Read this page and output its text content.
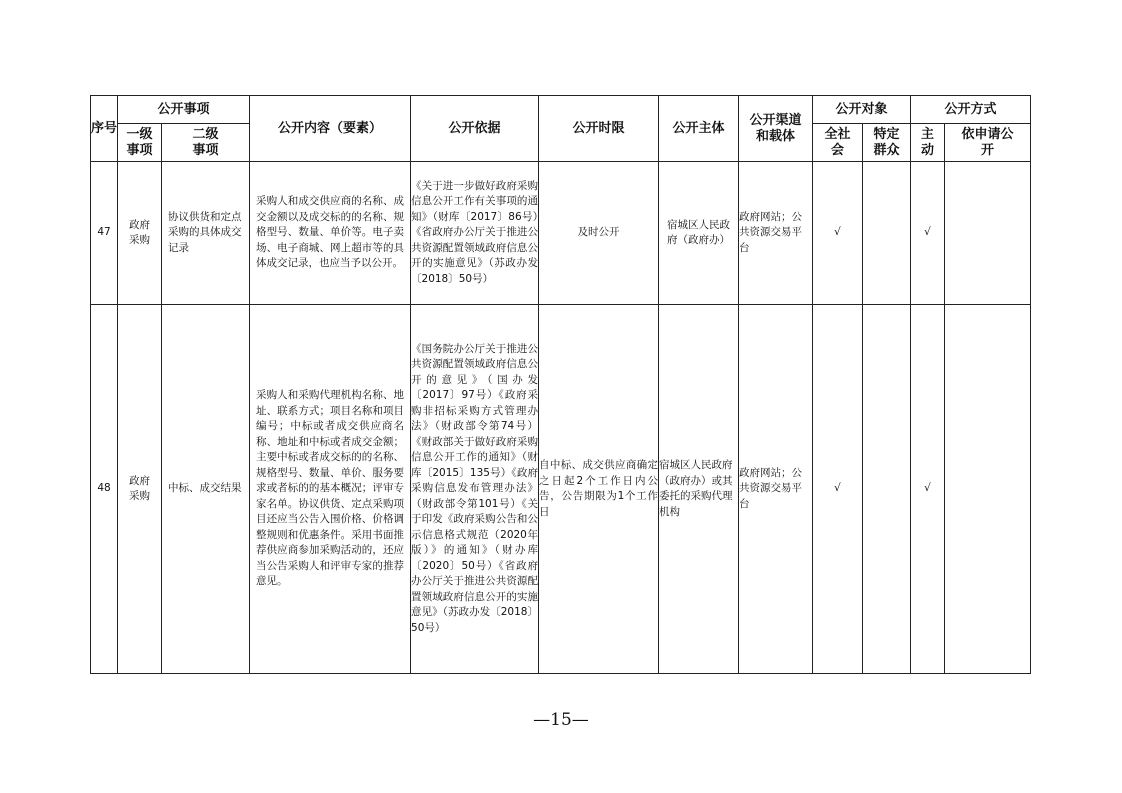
序号	公开事项		公开内容（要素）	公开依据	公开时限	公开主体	公开渠道和载体	公开对象		公开方式	
	一级事项	二级事项						全社会	特定群众	主动	依申请公开
47	政府采购	协议供货和定点采购的具体成交记录	采购人和成交供应商的名称、成交金额以及成交标的的名称、规格型号、数量、单价等。电子卖场、电子商城、网上超市等的具体成交记录，也应当予以公开。	《关于进一步做好政府采购信息公开工作有关事项的通知》（财库〔2017〕86号）《省政府办公厅关于推进公共资源配置领域政府信息公开的实施意见》（苏政办发〔2018〕50号）	及时公开	宿城区人民政府（政府办）	政府网站；公共资源交易平台	√		√	
48	政府采购	中标、成交结果	采购人和采购代理机构名称、地址、联系方式；项目名称和项目编号；中标或者成交供应商名称、地址和中标或者成交金额；主要中标或者成交标的的名称、规格型号、数量、单价、服务要求或者标的的基本概况；评审专家名单。协议供货、定点采购项目还应当公告入围价格、价格调整规则和优惠条件。采用书面推荐供应商参加采购活动的，还应当公告采购人和评审专家的推荐意见。	《国务院办公厅关于推进公共资源配置领域政府信息公开的意见》（国办发〔2017〕97号）《政府采购非招标采购方式管理办法》（财政部令第74号）《财政部关于做好政府采购信息公开工作的通知》（财库〔2015〕135号）《政府采购信息发布管理办法》（财政部令第101号）《关于印发《政府采购公告和公示信息格式规范（2020年版）》的通知》（财办库〔2020〕50号）《省政府办公厅关于推进公共资源配置领域政府信息公开的实施意见》（苏政办发〔2018〕50号）	自中标、成交供应商确定之日起2个工作日内公告，公告期限为1个工作日	宿城区人民政府（政府办）或其委托的采购代理机构	政府网站；公共资源交易平台	√		√	
—15—
